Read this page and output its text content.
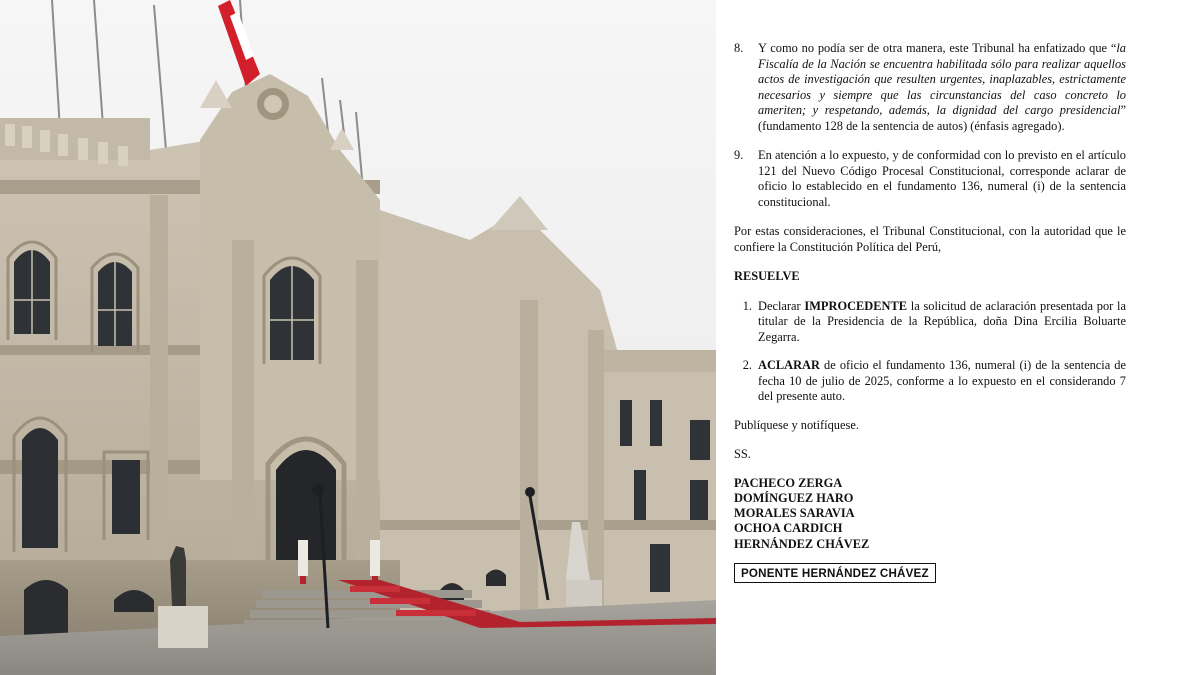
8.	Y como no podía ser de otra manera, este Tribunal ha enfatizado que “la Fiscalía de la Nación se encuentra habilitada sólo para realizar aquellos actos de investigación que resulten urgentes, inaplazables, estrictamente necesarios y siempre que las circunstancias del caso concreto lo ameriten; y respetando, además, la dignidad del cargo presidencial” (fundamento 128 de la sentencia de autos) (énfasis agregado).
9.	En atención a lo expuesto, y de conformidad con lo previsto en el artículo 121 del Nuevo Código Procesal Constitucional, corresponde aclarar de oficio lo establecido en el fundamento 136, numeral (i) de la sentencia constitucional.
Por estas consideraciones, el Tribunal Constitucional, con la autoridad que le confiere la Constitución Política del Perú,
RESUELVE
1. Declarar IMPROCEDENTE la solicitud de aclaración presentada por la titular de la Presidencia de la República, doña Dina Ercilia Boluarte Zegarra.
2. ACLARAR de oficio el fundamento 136, numeral (i) de la sentencia de fecha 10 de julio de 2025, conforme a lo expuesto en el considerando 7 del presente auto.
Publíquese y notifíquese.
SS.
PACHECO ZERGA
DOMÍNGUEZ HARO
MORALES SARAVIA
OCHOA CARDICH
HERNÁNDEZ CHÁVEZ
PONENTE HERNÁNDEZ CHÁVEZ
